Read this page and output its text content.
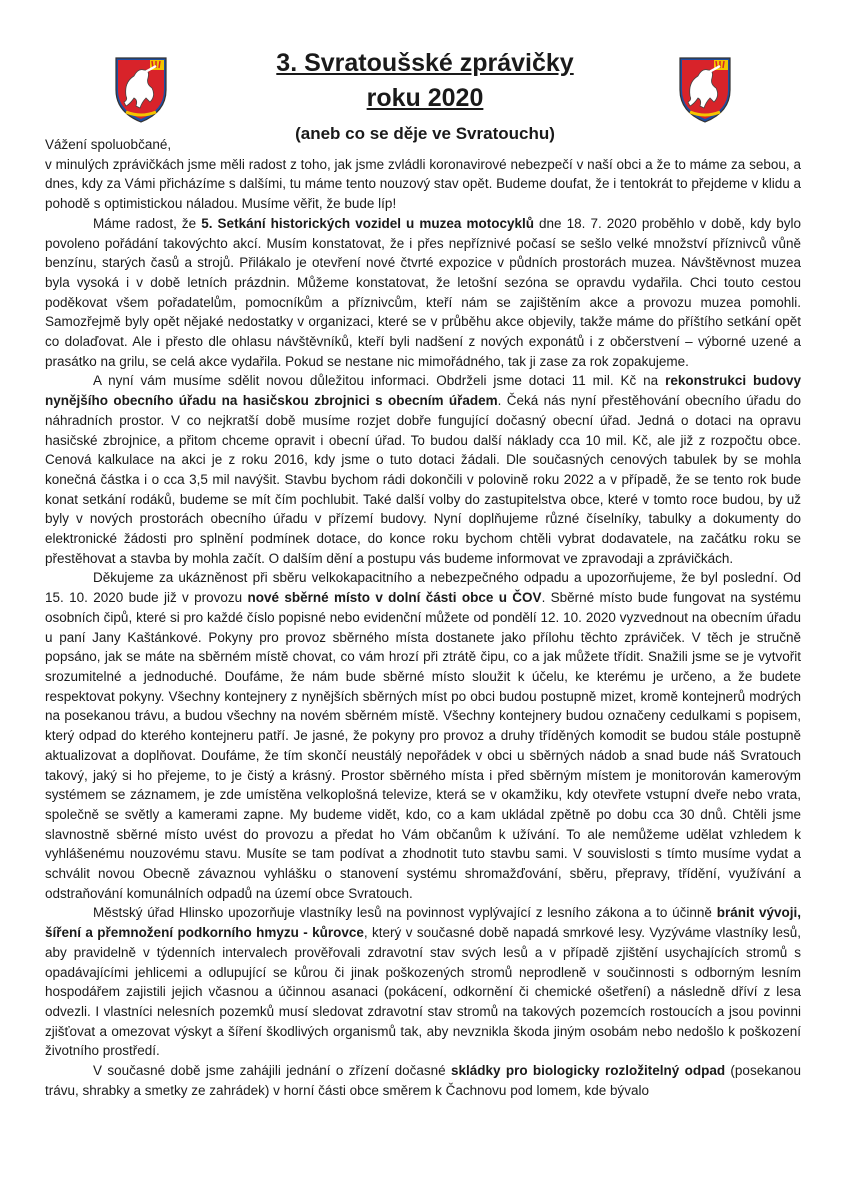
3. Svratoušské zprávičky
roku 2020
(aneb co se děje ve Svratouchu)

Vážení spoluobčané,

v minulých zprávičkách jsme měli radost z toho, jak jsme zvládli koronavirové nebezpečí v naší obci a že to máme za sebou, a dnes, kdy za Vámi přicházíme s dalšími, tu máme tento nouzový stav opět. Budeme doufat, že i tentokrát to přejdeme v klidu a pohodě s optimistickou náladou. Musíme věřit, že bude líp!

Máme radost, že 5. Setkání historických vozidel u muzea motocyklů dne 18. 7. 2020 proběhlo v době, kdy bylo povoleno pořádání takovýchto akcí. Musím konstatovat, že i přes nepříznivé počasí se sešlo velké množství příznivců vůně benzínu, starých časů a strojů. Přilákalo je otevření nové čtvrté expozice v půdních prostorách muzea. Návštěvnost muzea byla vysoká i v době letních prázdnin. Můžeme konstatovat, že letošní sezóna se opravdu vydařila. Chci touto cestou poděkovat všem pořadatelům, pomocníkům a příznivcům, kteří nám se zajištěním akce a provozu muzea pomohli. Samozřejmě byly opět nějaké nedostatky v organizaci, které se v průběhu akce objevily, takže máme do příštího setkání opět co dolaďovat. Ale i přesto dle ohlasu návštěvníků, kteří byli nadšení z nových exponátů i z občerstvení – výborné uzené a prasátko na grilu, se celá akce vydařila. Pokud se nestane nic mimořádného, tak ji zase za rok zopakujeme.

A nyní vám musíme sdělit novou důležitou informaci. Obdrželi jsme dotaci 11 mil. Kč na rekonstrukci budovy nynějšího obecního úřadu na hasičskou zbrojnici s obecním úřadem. Čeká nás nyní přestěhování obecního úřadu do náhradních prostor. V co nejkratší době musíme rozjet dobře fungující dočasný obecní úřad. Jedná o dotaci na opravu hasičské zbrojnice, a přitom chceme opravit i obecní úřad. To budou další náklady cca 10 mil. Kč, ale již z rozpočtu obce. Cenová kalkulace na akci je z roku 2016, kdy jsme o tuto dotaci žádali. Dle současných cenových tabulek by se mohla konečná částka i o cca 3,5 mil navýšit. Stavbu bychom rádi dokončili v polovině roku 2022 a v případě, že se tento rok bude konat setkání rodáků, budeme se mít čím pochlubit. Také další volby do zastupitelstva obce, které v tomto roce budou, by už byly v nových prostorách obecního úřadu v přízemí budovy. Nyní doplňujeme různé číselníky, tabulky a dokumenty do elektronické žádosti pro splnění podmínek dotace, do konce roku bychom chtěli vybrat dodavatele, na začátku roku se přestěhovat a stavba by mohla začít. O dalším dění a postupu vás budeme informovat ve zpravodaji a zprávičkách.

Děkujeme za ukázněnost při sběru velkokapacitního a nebezpečného odpadu a upozorňujeme, že byl poslední. Od 15. 10. 2020 bude již v provozu nové sběrné místo v dolní části obce u ČOV. Sběrné místo bude fungovat na systému osobních čipů, které si pro každé číslo popisné nebo evidenční můžete od pondělí 12. 10. 2020 vyzvednout na obecním úřadu u paní Jany Kaštánkové. Pokyny pro provoz sběrného místa dostanete jako přílohu těchto zpráviček. V těch je stručně popsáno, jak se máte na sběrném místě chovat, co vám hrozí při ztrátě čipu, co a jak můžete třídit. Snažili jsme se je vytvořit srozumitelné a jednoduché. Doufáme, že nám bude sběrné místo sloužit k účelu, ke kterému je určeno, a že budete respektovat pokyny. Všechny kontejnery z nynějších sběrných míst po obci budou postupně mizet, kromě kontejnerů modrých na posekanou trávu, a budou všechny na novém sběrném místě. Všechny kontejnery budou označeny cedulkami s popisem, který odpad do kterého kontejneru patří. Je jasné, že pokyny pro provoz a druhy tříděných komodit se budou stále postupně aktualizovat a doplňovat. Doufáme, že tím skončí neustálý nepořádek v obci u sběrných nádob a snad bude náš Svratouch takový, jaký si ho přejeme, to je čistý a krásný. Prostor sběrného místa i před sběrným místem je monitorován kamerovým systémem se záznamem, je zde umístěna velkoplošná televize, která se v okamžiku, kdy otevřete vstupní dveře nebo vrata, společně se světly a kamerami zapne. My budeme vidět, kdo, co a kam ukládal zpětně po dobu cca 30 dnů. Chtěli jsme slavnostně sběrné místo uvést do provozu a předat ho Vám občanům k užívání. To ale nemůžeme udělat vzhledem k vyhlášenému nouzovému stavu. Musíte se tam podívat a zhodnotit tuto stavbu sami. V souvislosti s tímto musíme vydat a schválit novou Obecně závaznou vyhlášku o stanovení systému shromažďování, sběru, přepravy, třídění, využívání a odstraňování komunálních odpadů na území obce Svratouch.

Městský úřad Hlinsko upozorňuje vlastníky lesů na povinnost vyplývající z lesního zákona a to účinně bránit vývoji, šíření a přemnožení podkorního hmyzu - kůrovce, který v současné době napadá smrkové lesy. Vyzýváme vlastníky lesů, aby pravidelně v týdenních intervalech prověřovali zdravotní stav svých lesů a v případě zjištění usychajících stromů s opadávajícími jehlicemi a odlupující se kůrou či jinak poškozených stromů neprodleně v součinnosti s odborným lesním hospodářem zajistili jejich včasnou a účinnou asanaci (pokácení, odkornění či chemické ošetření) a následně dříví z lesa odvezli. I vlastníci nelesních pozemků musí sledovat zdravotní stav stromů na takových pozemcích rostoucích a jsou povinni zjišťovat a omezovat výskyt a šíření škodlivých organismů tak, aby nevznikla škoda jiným osobám nebo nedošlo k poškození životního prostředí.

V současné době jsme zahájili jednání o zřízení dočasné skládky pro biologicky rozložitelný odpad (posekanou trávu, shrabky a smetky ze zahrádek) v horní části obce směrem k Čachnovu pod lomem, kde bývalo
